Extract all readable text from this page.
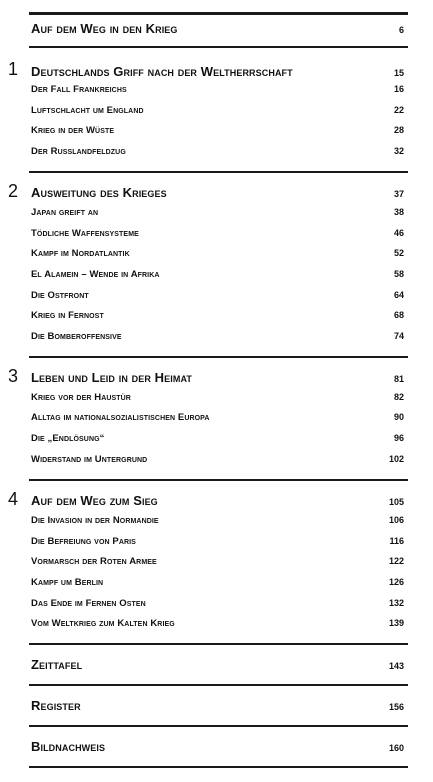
Auf dem Weg in den Krieg	6
1 Deutschlands Griff nach der Weltherrschaft	15
Der Fall Frankreichs	16
Luftschlacht um England	22
Krieg in der Wüste	28
Der Russlandfeldzug	32
2 Ausweitung des Krieges	37
Japan greift an	38
Tödliche Waffensysteme	46
Kampf im Nordatlantik	52
El Alamein – Wende in Afrika	58
Die Ostfront	64
Krieg in Fernost	68
Die Bomberoffensive	74
3 Leben und Leid in der Heimat	81
Krieg vor der Haustür	82
Alltag im nationalsozialistischen Europa	90
Die „Endlösung“	96
Widerstand im Untergrund	102
4 Auf dem Weg zum Sieg	105
Die Invasion in der Normandie	106
Die Befreiung von Paris	116
Vormarsch der Roten Armee	122
Kampf um Berlin	126
Das Ende im Fernen Osten	132
Vom Weltkrieg zum Kalten Krieg	139
Zeittafel	143
Register	156
Bildnachweis	160
